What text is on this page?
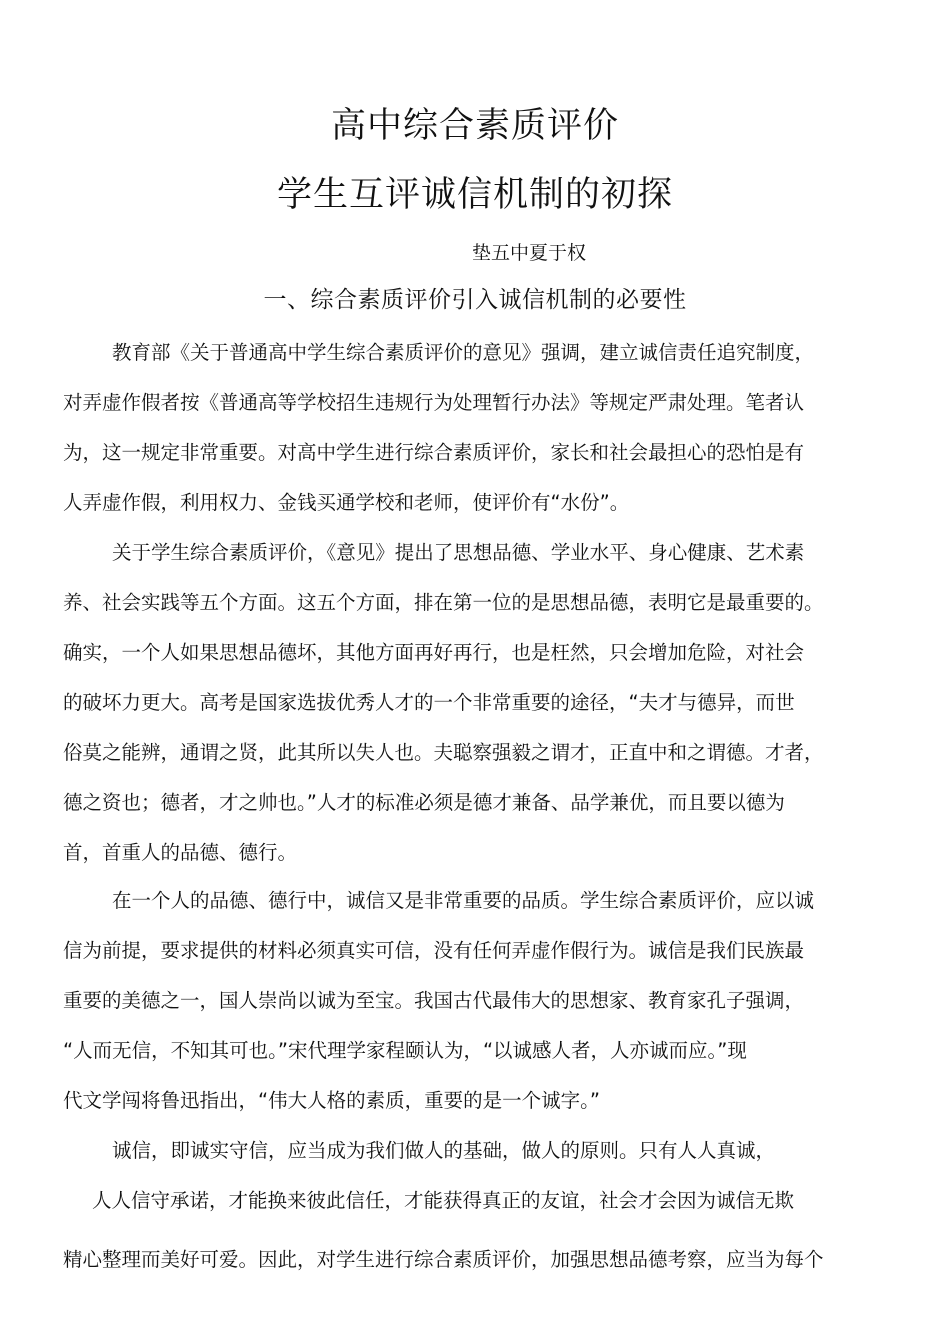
高中综合素质评价
学生互评诚信机制的初探
垫五中夏于权
一、综合素质评价引入诚信机制的必要性
教育部《关于普通高中学生综合素质评价的意见》强调，建立诚信责任追究制度，
对弄虚作假者按《普通高等学校招生违规行为处理暂行办法》等规定严肃处理。笔者认
为，这一规定非常重要。对高中学生进行综合素质评价，家长和社会最担心的恐怕是有
人弄虚作假，利用权力、金钱买通学校和老师，使评价有“水份”。
关于学生综合素质评价，《意见》提出了思想品德、学业水平、身心健康、艺术素
养、社会实践等五个方面。这五个方面，排在第一位的是思想品德，表明它是最重要的。
确实，一个人如果思想品德坏，其他方面再好再行，也是枉然，只会增加危险，对社会
的破坏力更大。高考是国家选拔优秀人才的一个非常重要的途径，“夫才与德异，而世
俗莫之能辨，通谓之贤，此其所以失人也。夫聪察强毅之谓才，正直中和之谓德。才者，
德之资也；德者，才之帅也。”人才的标准必须是德才兼备、品学兼优，而且要以德为
首，首重人的品德、德行。
在一个人的品德、德行中，诚信又是非常重要的品质。学生综合素质评价，应以诚
信为前提，要求提供的材料必须真实可信，没有任何弄虚作假行为。诚信是我们民族最
重要的美德之一，国人崇尚以诚为至宝。我国古代最伟大的思想家、教育家孔子强调，
“人而无信，不知其可也。”宋代理学家程颐认为，“以诚感人者，人亦诚而应。”现
代文学闯将鲁迅指出，“伟大人格的素质，重要的是一个诚字。”
诚信，即诚实守信，应当成为我们做人的基础，做人的原则。只有人人真诚，
人人信守承诺，才能换来彼此信任，才能获得真正的友谊，社会才会因为诚信无欺
精心整理而美好可爱。因此，对学生进行综合素质评价，加强思想品德考察，应当为每个
